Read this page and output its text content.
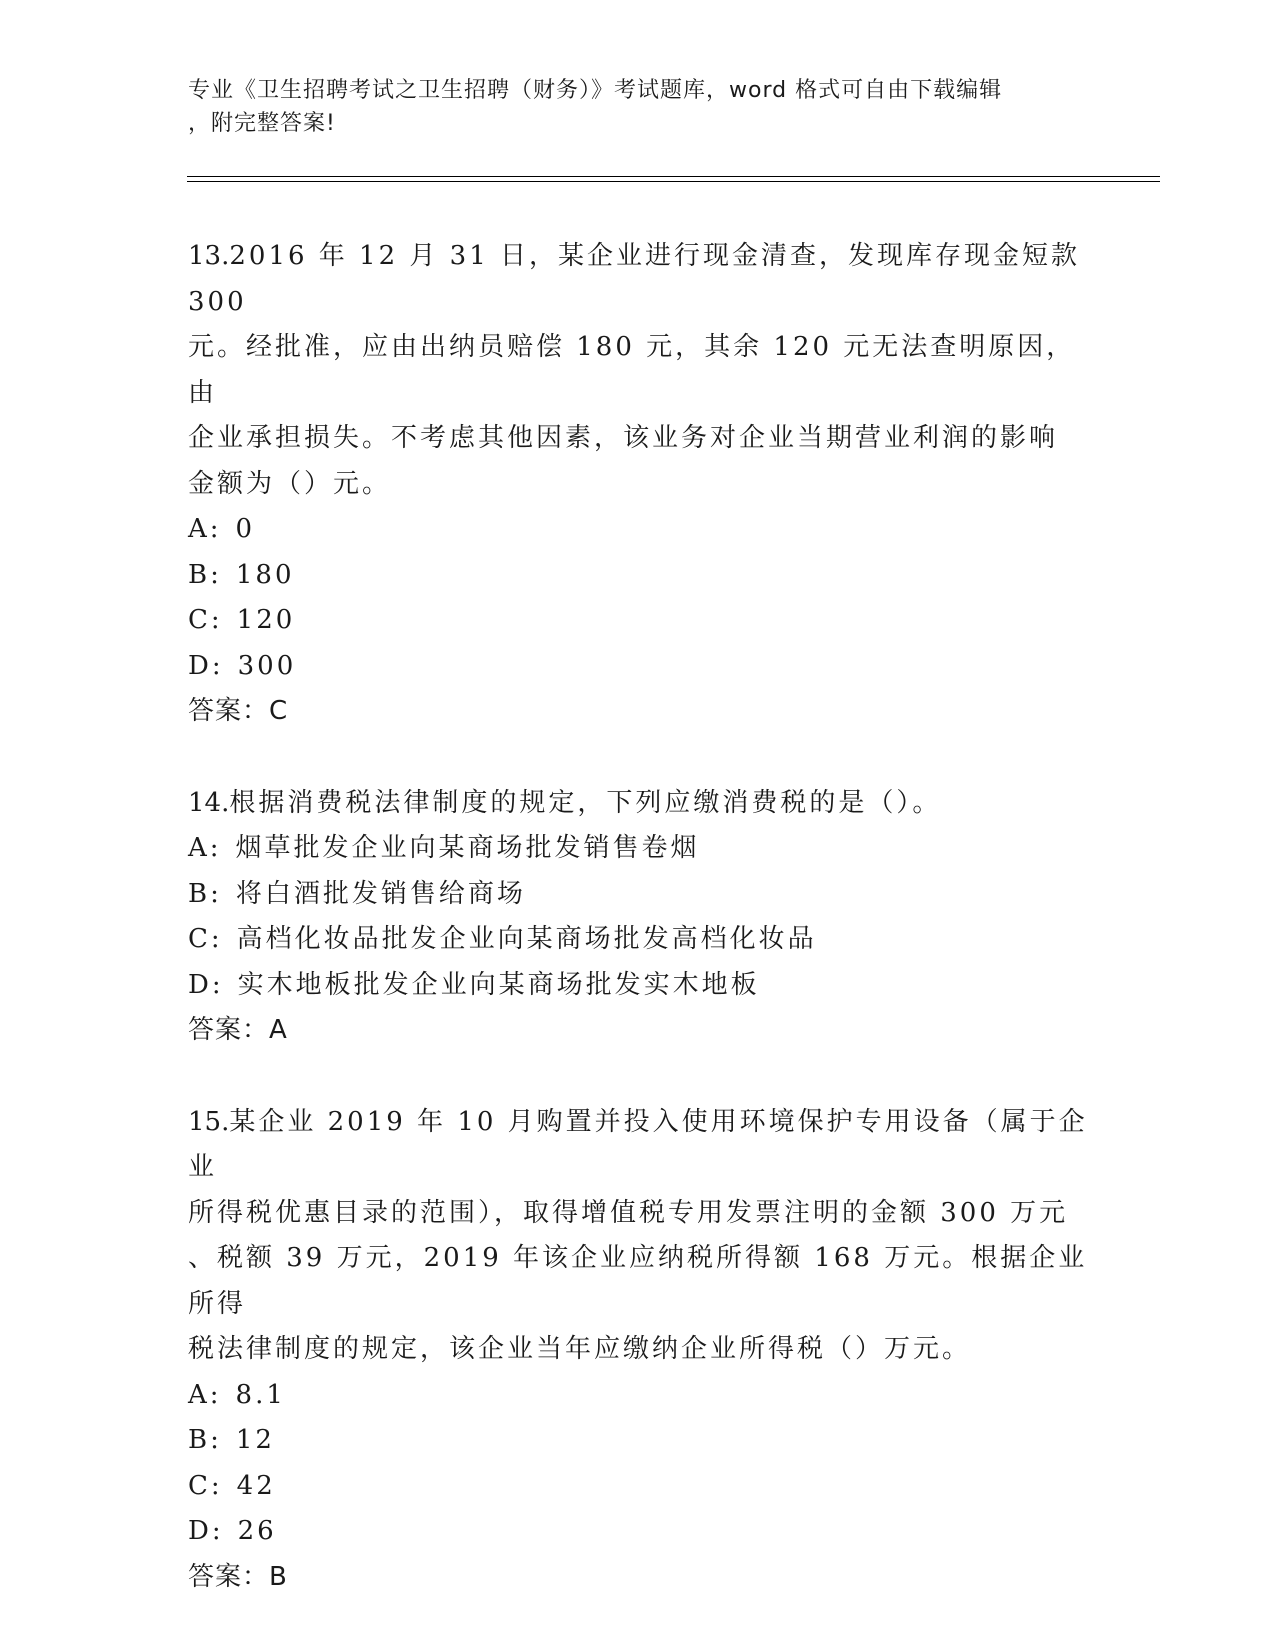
专业《卫生招聘考试之卫生招聘（财务）》考试题库，word 格式可自由下载编辑
，附完整答案!
13.2016 年 12 月 31 日，某企业进行现金清查，发现库存现金短款 300
元。经批准，应由出纳员赔偿 180 元，其余 120 元无法查明原因，由
企业承担损失。不考虑其他因素，该业务对企业当期营业利润的影响
金额为（）元。
A: 0
B: 180
C: 120
D: 300
答案：C
14.根据消费税法律制度的规定，下列应缴消费税的是（）。
A: 烟草批发企业向某商场批发销售卷烟
B: 将白酒批发销售给商场
C: 高档化妆品批发企业向某商场批发高档化妆品
D: 实木地板批发企业向某商场批发实木地板
答案：A
15.某企业 2019 年 10 月购置并投入使用环境保护专用设备（属于企业
所得税优惠目录的范围），取得增值税专用发票注明的金额 300 万元
、税额 39 万元，2019 年该企业应纳税所得额 168 万元。根据企业所得
税法律制度的规定，该企业当年应缴纳企业所得税（）万元。
A: 8.1
B: 12
C: 42
D: 26
答案：B
